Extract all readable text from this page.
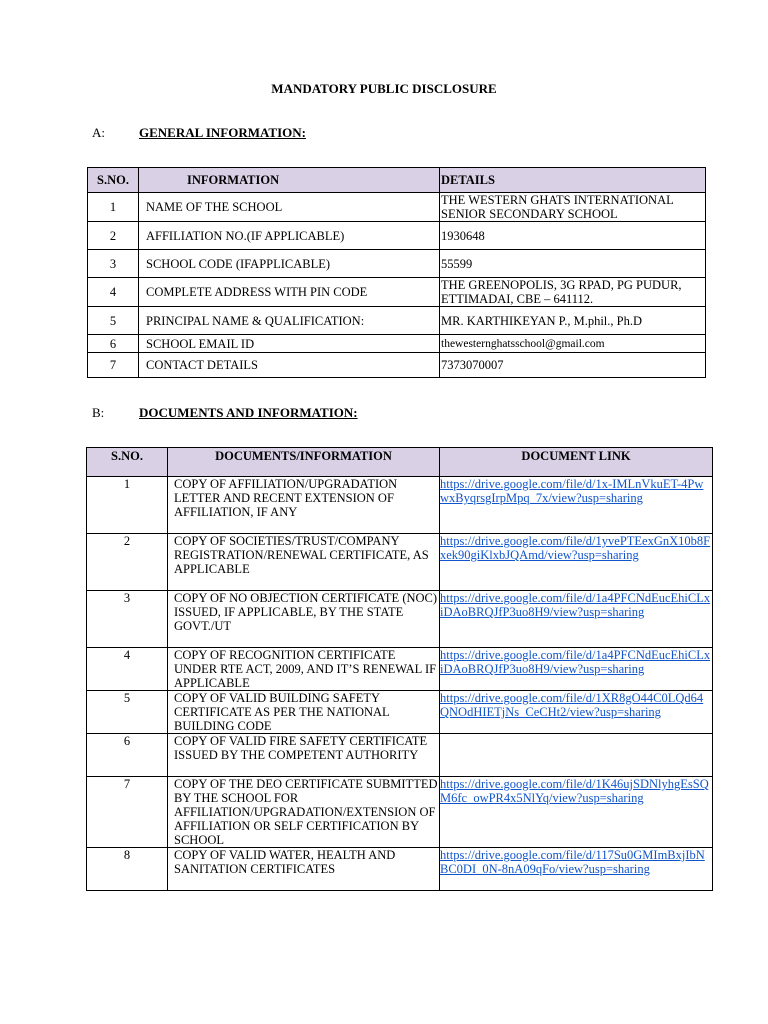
MANDATORY PUBLIC DISCLOSURE
A:	GENERAL INFORMATION:
S.NO.	INFORMATION	DETAILS
1	NAME OF THE SCHOOL	THE WESTERN GHATS INTERNATIONAL SENIOR SECONDARY SCHOOL
2	AFFILIATION NO.(IF APPLICABLE)	1930648
3	SCHOOL CODE (IFAPPLICABLE)	55599
4	COMPLETE ADDRESS WITH PIN CODE	THE GREENOPOLIS, 3G RPAD, PG PUDUR, ETTIMADAI, CBE – 641112.
5	PRINCIPAL NAME & QUALIFICATION:	MR. KARTHIKEYAN P., M.phil., Ph.D
6	SCHOOL EMAIL ID	thewesternghatsschool@gmail.com
7	CONTACT DETAILS	7373070007
B:	DOCUMENTS AND INFORMATION:
S.NO.	DOCUMENTS/INFORMATION	DOCUMENT LINK
1	COPY OF AFFILIATION/UPGRADATION LETTER AND RECENT EXTENSION OF AFFILIATION, IF ANY	https://drive.google.com/file/d/1x-IMLnVkuET-4PwwxByqrsgIrpMpq_7x/view?usp=sharing
2	COPY OF SOCIETIES/TRUST/COMPANY REGISTRATION/RENEWAL CERTIFICATE, AS APPLICABLE	https://drive.google.com/file/d/1yvePTEexGnX10b8Fxek90giKlxbJQAmd/view?usp=sharing
3	COPY OF NO OBJECTION CERTIFICATE (NOC) ISSUED, IF APPLICABLE, BY THE STATE GOVT./UT	https://drive.google.com/file/d/1a4PFCNdEucEhiCLxiDAoBRQJfP3uo8H9/view?usp=sharing
4	COPY OF RECOGNITION CERTIFICATE UNDER RTE ACT, 2009, AND IT’S RENEWAL IF APPLICABLE	https://drive.google.com/file/d/1a4PFCNdEucEhiCLxiDAoBRQJfP3uo8H9/view?usp=sharing
5	COPY OF VALID BUILDING SAFETY CERTIFICATE AS PER THE NATIONAL BUILDING CODE	https://drive.google.com/file/d/1XR8gO44C0LQd64QNOdHIETjNs_CeCHt2/view?usp=sharing
6	COPY OF VALID FIRE SAFETY CERTIFICATE ISSUED BY THE COMPETENT AUTHORITY	
7	COPY OF THE DEO CERTIFICATE SUBMITTED BY THE SCHOOL FOR AFFILIATION/UPGRADATION/EXTENSION OF AFFILIATION OR SELF CERTIFICATION BY SCHOOL	https://drive.google.com/file/d/1K46ujSDNlyhgEsSQM6fc_owPR4x5NlYq/view?usp=sharing
8	COPY OF VALID WATER, HEALTH AND SANITATION CERTIFICATES	https://drive.google.com/file/d/117Su0GMImBxjIbNBC0DI_0N-8nA09qFo/view?usp=sharing
